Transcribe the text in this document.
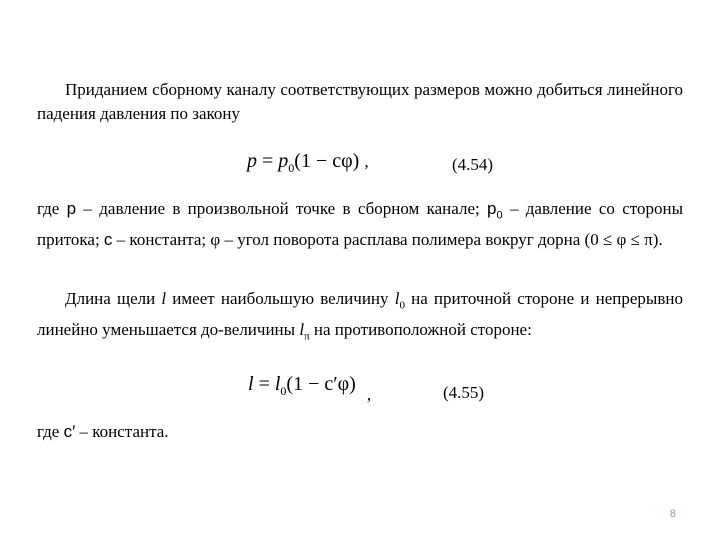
Приданием сборному каналу соответствующих размеров можно добиться линейного падения давления по закону

$p = p_0(1 - c\varphi)$ ,	(4.54)

где p – давление в произвольной точке в сборном канале; $p_0$ – давление со стороны притока; c – константа; φ – угол поворота расплава полимера вокруг дорна (0 ≤ φ ≤ π).

Длина щели l имеет наибольшую величину $l_0$ на приточной стороне и непрерывно линейно уменьшается до-величины $l_\pi$ на противоположной стороне:

$l = l_0(1 - c'\varphi)$ $_,$	(4.55)

где c′ – константа.

8
